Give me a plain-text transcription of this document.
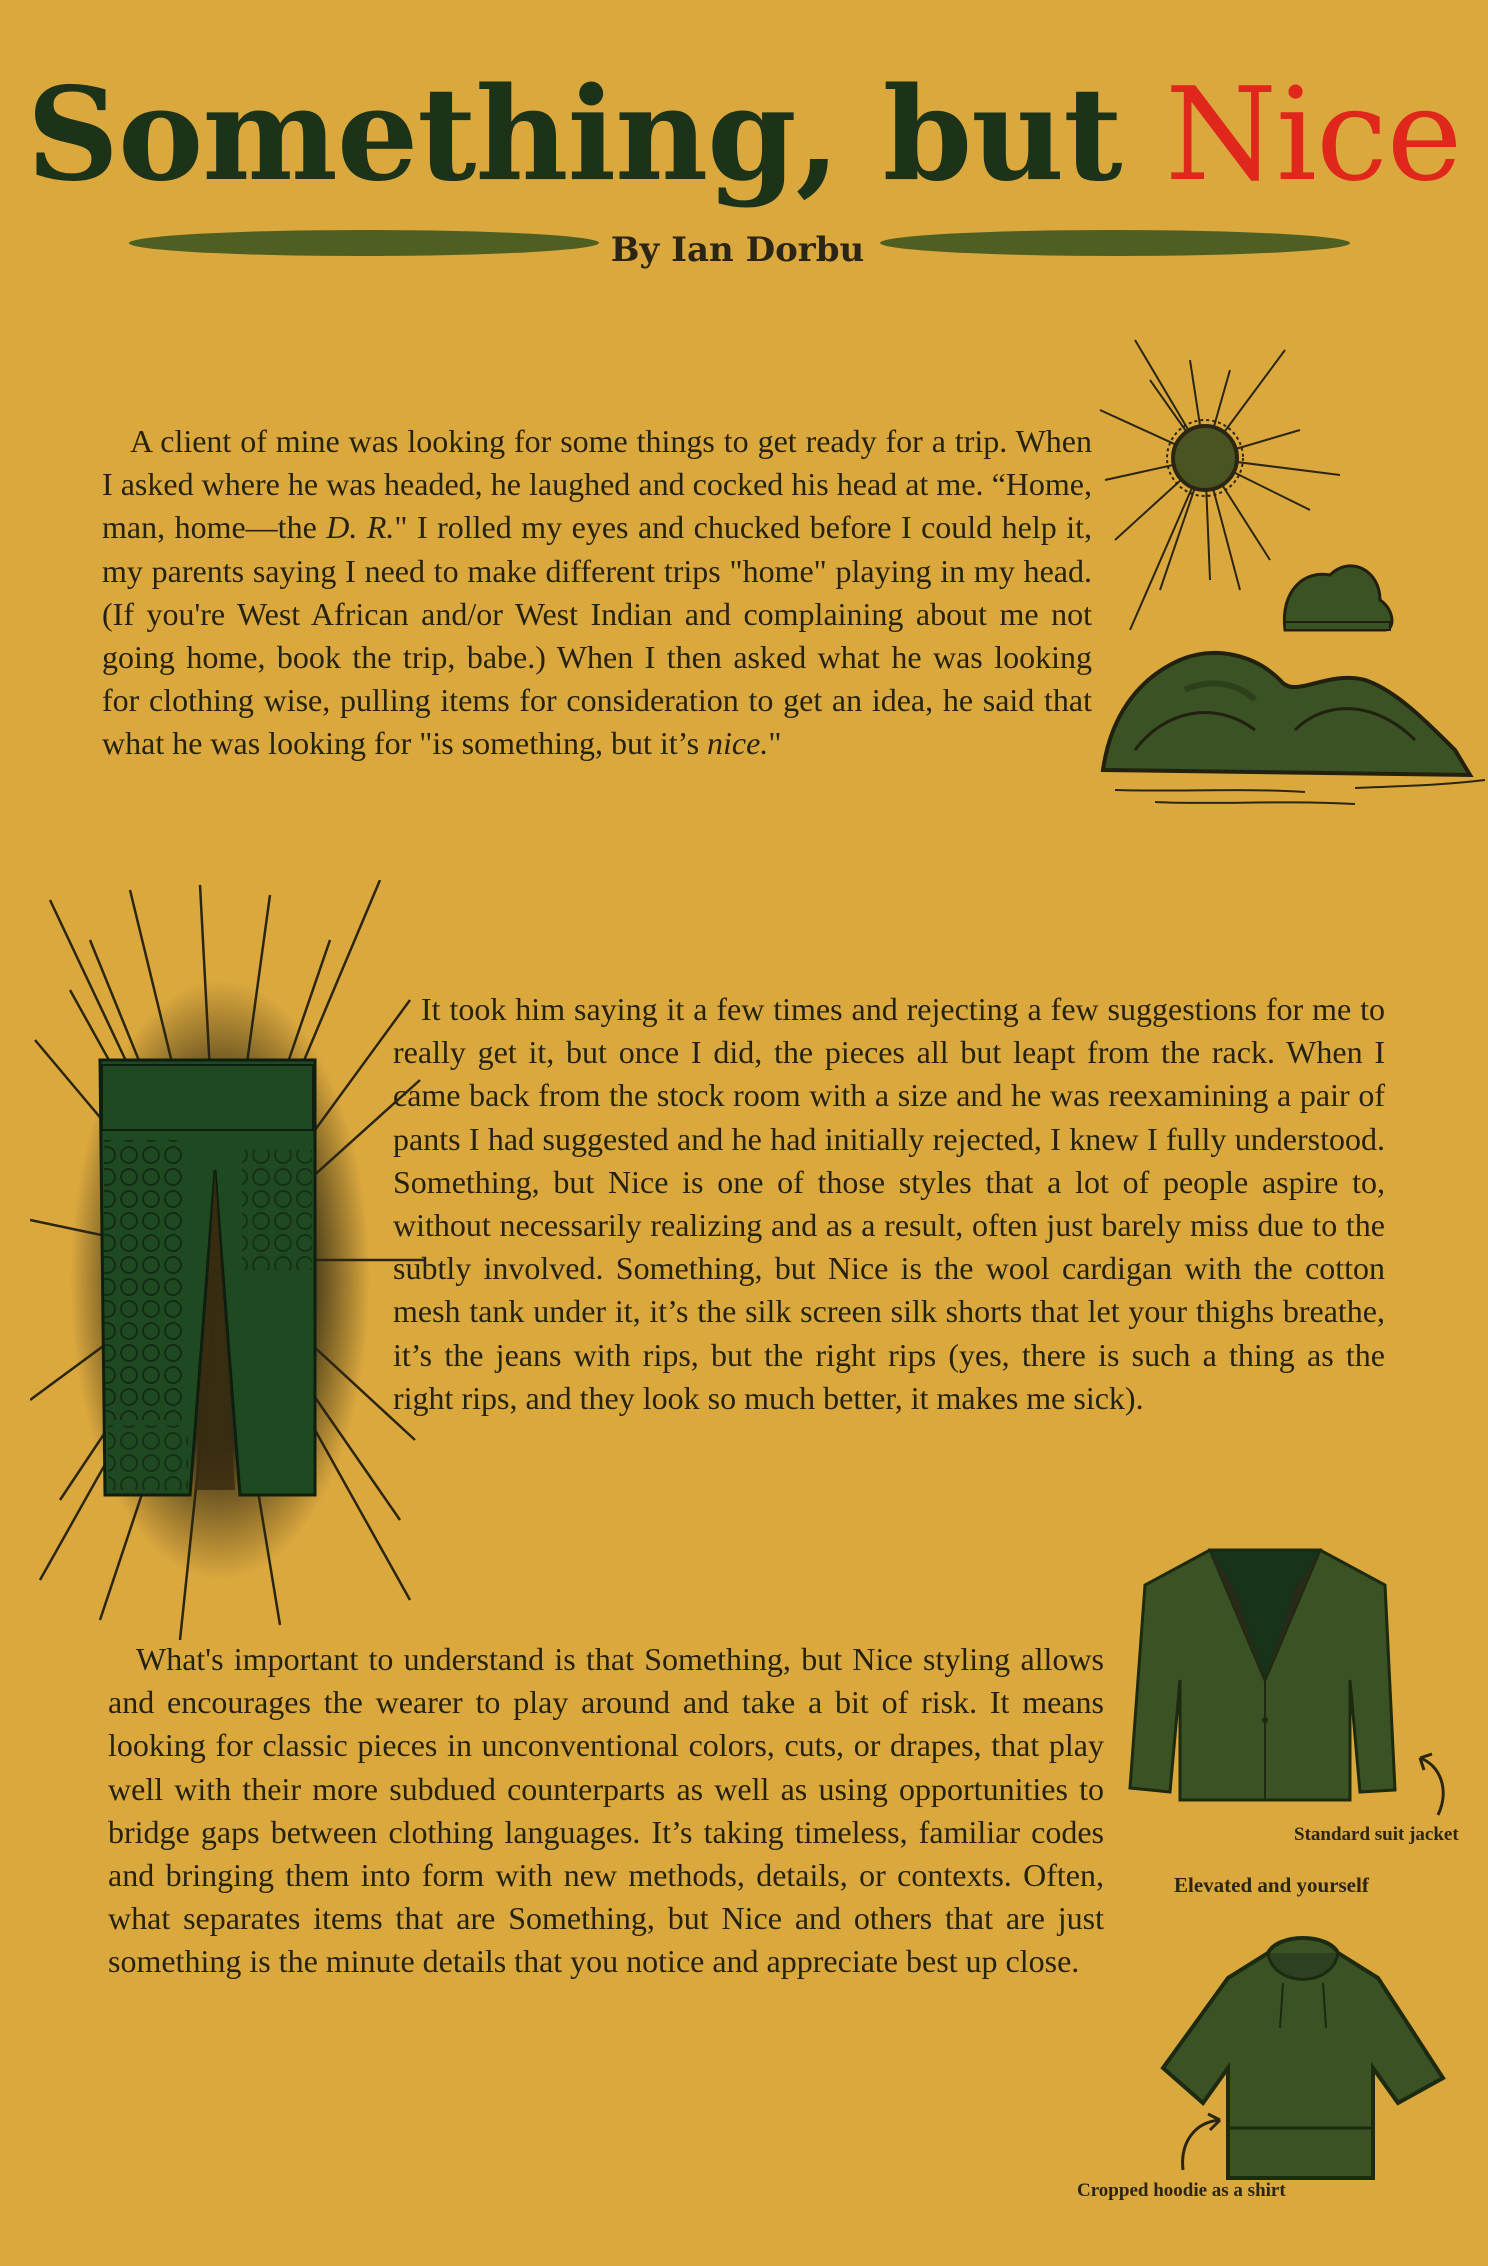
Something, but Nice

By Ian Dorbu

Standard suit jacket

Elevated and yourself

Cropped hoodie as a shirt

A client of mine was looking for some things to get ready for a trip. When I asked where he was headed, he laughed and cocked his head at me. “Home, man, home—the D. R." I rolled my eyes and chucked before I could help it, my parents saying I need to make different trips "home" playing in my head. (If you're West African and/or West Indian and complaining about me not going home, book the trip, babe.) When I then asked what he was looking for clothing wise, pulling items for consideration to get an idea, he said that what he was looking for "is something, but it’s nice."

It took him saying it a few times and rejecting a few suggestions for me to really get it, but once I did, the pieces all but leapt from the rack. When I came back from the stock room with a size and he was reexamining a pair of pants I had suggested and he had initially rejected, I knew I fully understood. Something, but Nice is one of those styles that a lot of people aspire to, without necessarily realizing and as a result, often just barely miss due to the subtly involved. Something, but Nice is the wool cardigan with the cotton mesh tank under it, it’s the silk screen silk shorts that let your thighs breathe, it’s the jeans with rips, but the right rips (yes, there is such a thing as the right rips, and they look so much better, it makes me sick).

What's important to understand is that Something, but Nice styling allows and encourages the wearer to play around and take a bit of risk. It means looking for classic pieces in unconventional colors, cuts, or drapes, that play well with their more subdued counterparts as well as using opportunities to bridge gaps between clothing languages. It’s taking timeless, familiar codes and bringing them into form with new methods, details, or contexts. Often, what separates items that are Something, but Nice and others that are just something is the minute details that you notice and appreciate best up close.
